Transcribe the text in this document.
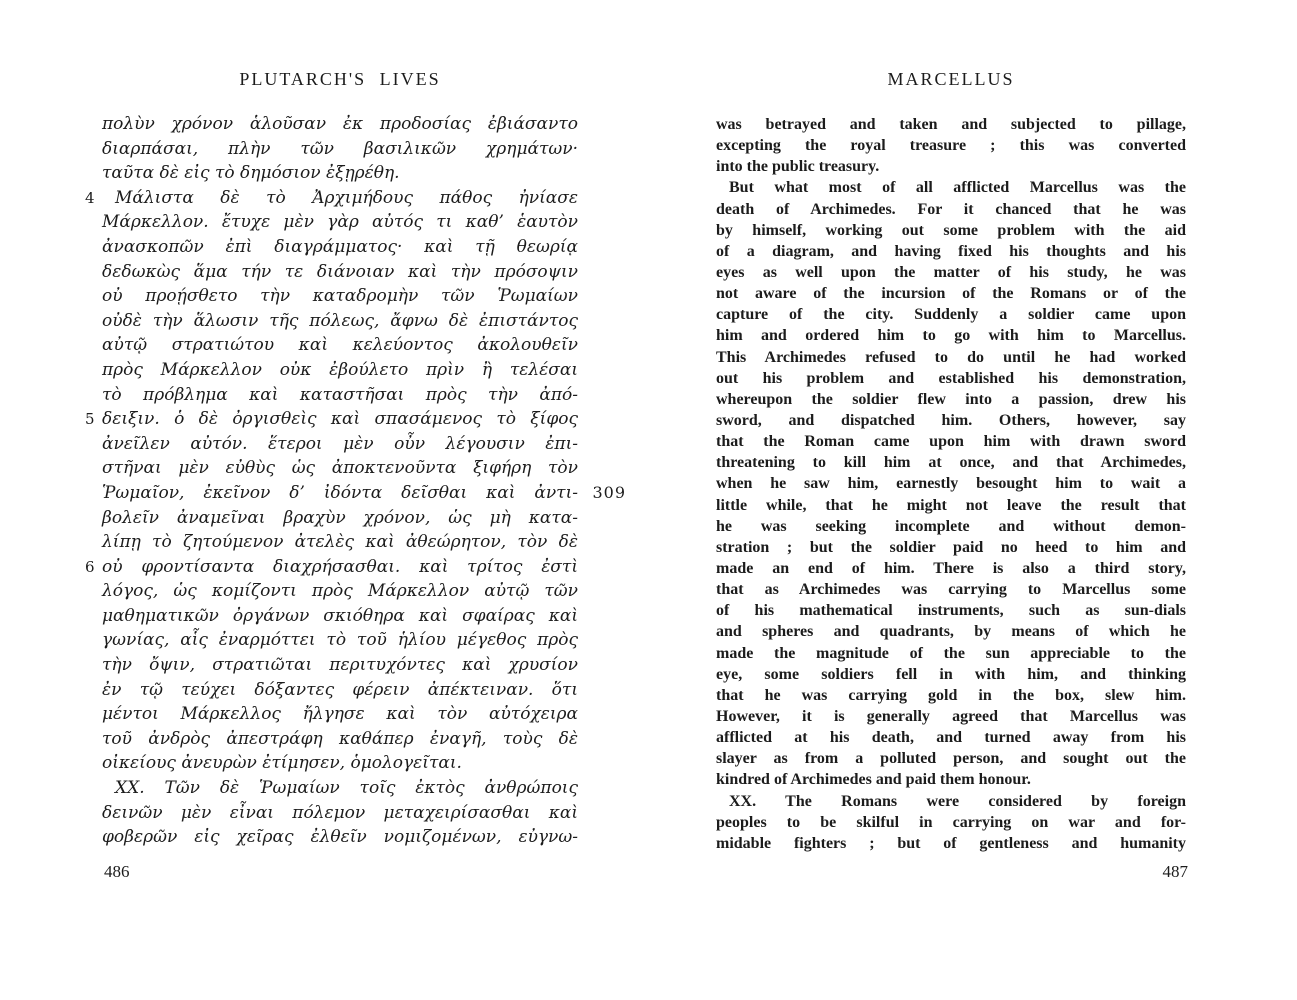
PLUTARCH'S LIVES	MARCELLUS
πολὺν χρόνον ἁλοῦσαν ἐκ προδοσίας ἐβιάσαντο
διαρπάσαι, πλὴν τῶν βασιλικῶν χρημάτων·
ταῦτα δὲ εἰς τὸ δημόσιον ἐξῃρέθη.
4 Μάλιστα δὲ τὸ Ἀρχιμήδους πάθος ἠνίασε
Μάρκελλον. ἔτυχε μὲν γὰρ αὐτός τι καθ’ ἑαυτὸν
ἀνασκοπῶν ἐπὶ διαγράμματος· καὶ τῇ θεωρίᾳ
δεδωκὼς ἅμα τήν τε διάνοιαν καὶ τὴν πρόσοψιν
οὐ προῄσθετο τὴν καταδρομὴν τῶν Ῥωμαίων
οὐδὲ τὴν ἅλωσιν τῆς πόλεως, ἄφνω δὲ ἐπιστάντος
αὐτῷ στρατιώτου καὶ κελεύοντος ἀκολουθεῖν
πρὸς Μάρκελλον οὐκ ἐβούλετο πρὶν ἢ τελέσαι
τὸ πρόβλημα καὶ καταστῆσαι πρὸς τὴν ἀπό-
5 δειξιν. ὁ δὲ ὀργισθεὶς καὶ σπασάμενος τὸ ξίφος
ἀνεῖλεν αὐτόν. ἕτεροι μὲν οὖν λέγουσιν ἐπι-
στῆναι μὲν εὐθὺς ὡς ἀποκτενοῦντα ξιφήρη τὸν
Ῥωμαῖον, ἐκεῖνον δ’ ἰδόντα δεῖσθαι καὶ ἀντι- 309
βολεῖν ἀναμεῖναι βραχὺν χρόνον, ὡς μὴ κατα-
λίπῃ τὸ ζητούμενον ἀτελὲς καὶ ἀθεώρητον, τὸν δὲ
6 οὐ φροντίσαντα διαχρήσασθαι. καὶ τρίτος ἐστὶ
λόγος, ὡς κομίζοντι πρὸς Μάρκελλον αὐτῷ τῶν
μαθηματικῶν ὀργάνων σκιόθηρα καὶ σφαίρας καὶ
γωνίας, αἷς ἐναρμόττει τὸ τοῦ ἡλίου μέγεθος πρὸς
τὴν ὄψιν, στρατιῶται περιτυχόντες καὶ χρυσίον
ἐν τῷ τεύχει δόξαντες φέρειν ἀπέκτειναν. ὅτι
μέντοι Μάρκελλος ἤλγησε καὶ τὸν αὐτόχειρα
τοῦ ἀνδρὸς ἀπεστράφη καθάπερ ἐναγῆ, τοὺς δὲ
οἰκείους ἀνευρὼν ἐτίμησεν, ὁμολογεῖται.
XX. Τῶν δὲ Ῥωμαίων τοῖς ἐκτὸς ἀνθρώποις
δεινῶν μὲν εἶναι πόλεμον μεταχειρίσασθαι καὶ
φοβερῶν εἰς χεῖρας ἐλθεῖν νομιζομένων, εὐγνω-
was betrayed and taken and subjected to pillage,
excepting the royal treasure ; this was converted
into the public treasury.
But what most of all afflicted Marcellus was the
death of Archimedes. For it chanced that he was
by himself, working out some problem with the aid
of a diagram, and having fixed his thoughts and his
eyes as well upon the matter of his study, he was
not aware of the incursion of the Romans or of the
capture of the city. Suddenly a soldier came upon
him and ordered him to go with him to Marcellus.
This Archimedes refused to do until he had worked
out his problem and established his demonstration,
whereupon the soldier flew into a passion, drew his
sword, and dispatched him. Others, however, say
that the Roman came upon him with drawn sword
threatening to kill him at once, and that Archimedes,
when he saw him, earnestly besought him to wait a
little while, that he might not leave the result that
he was seeking incomplete and without demon-
stration ; but the soldier paid no heed to him and
made an end of him. There is also a third story,
that as Archimedes was carrying to Marcellus some
of his mathematical instruments, such as sun-dials
and spheres and quadrants, by means of which he
made the magnitude of the sun appreciable to the
eye, some soldiers fell in with him, and thinking
that he was carrying gold in the box, slew him.
However, it is generally agreed that Marcellus was
afflicted at his death, and turned away from his
slayer as from a polluted person, and sought out the
kindred of Archimedes and paid them honour.
XX. The Romans were considered by foreign
peoples to be skilful in carrying on war and for-
midable fighters ; but of gentleness and humanity
486	487
